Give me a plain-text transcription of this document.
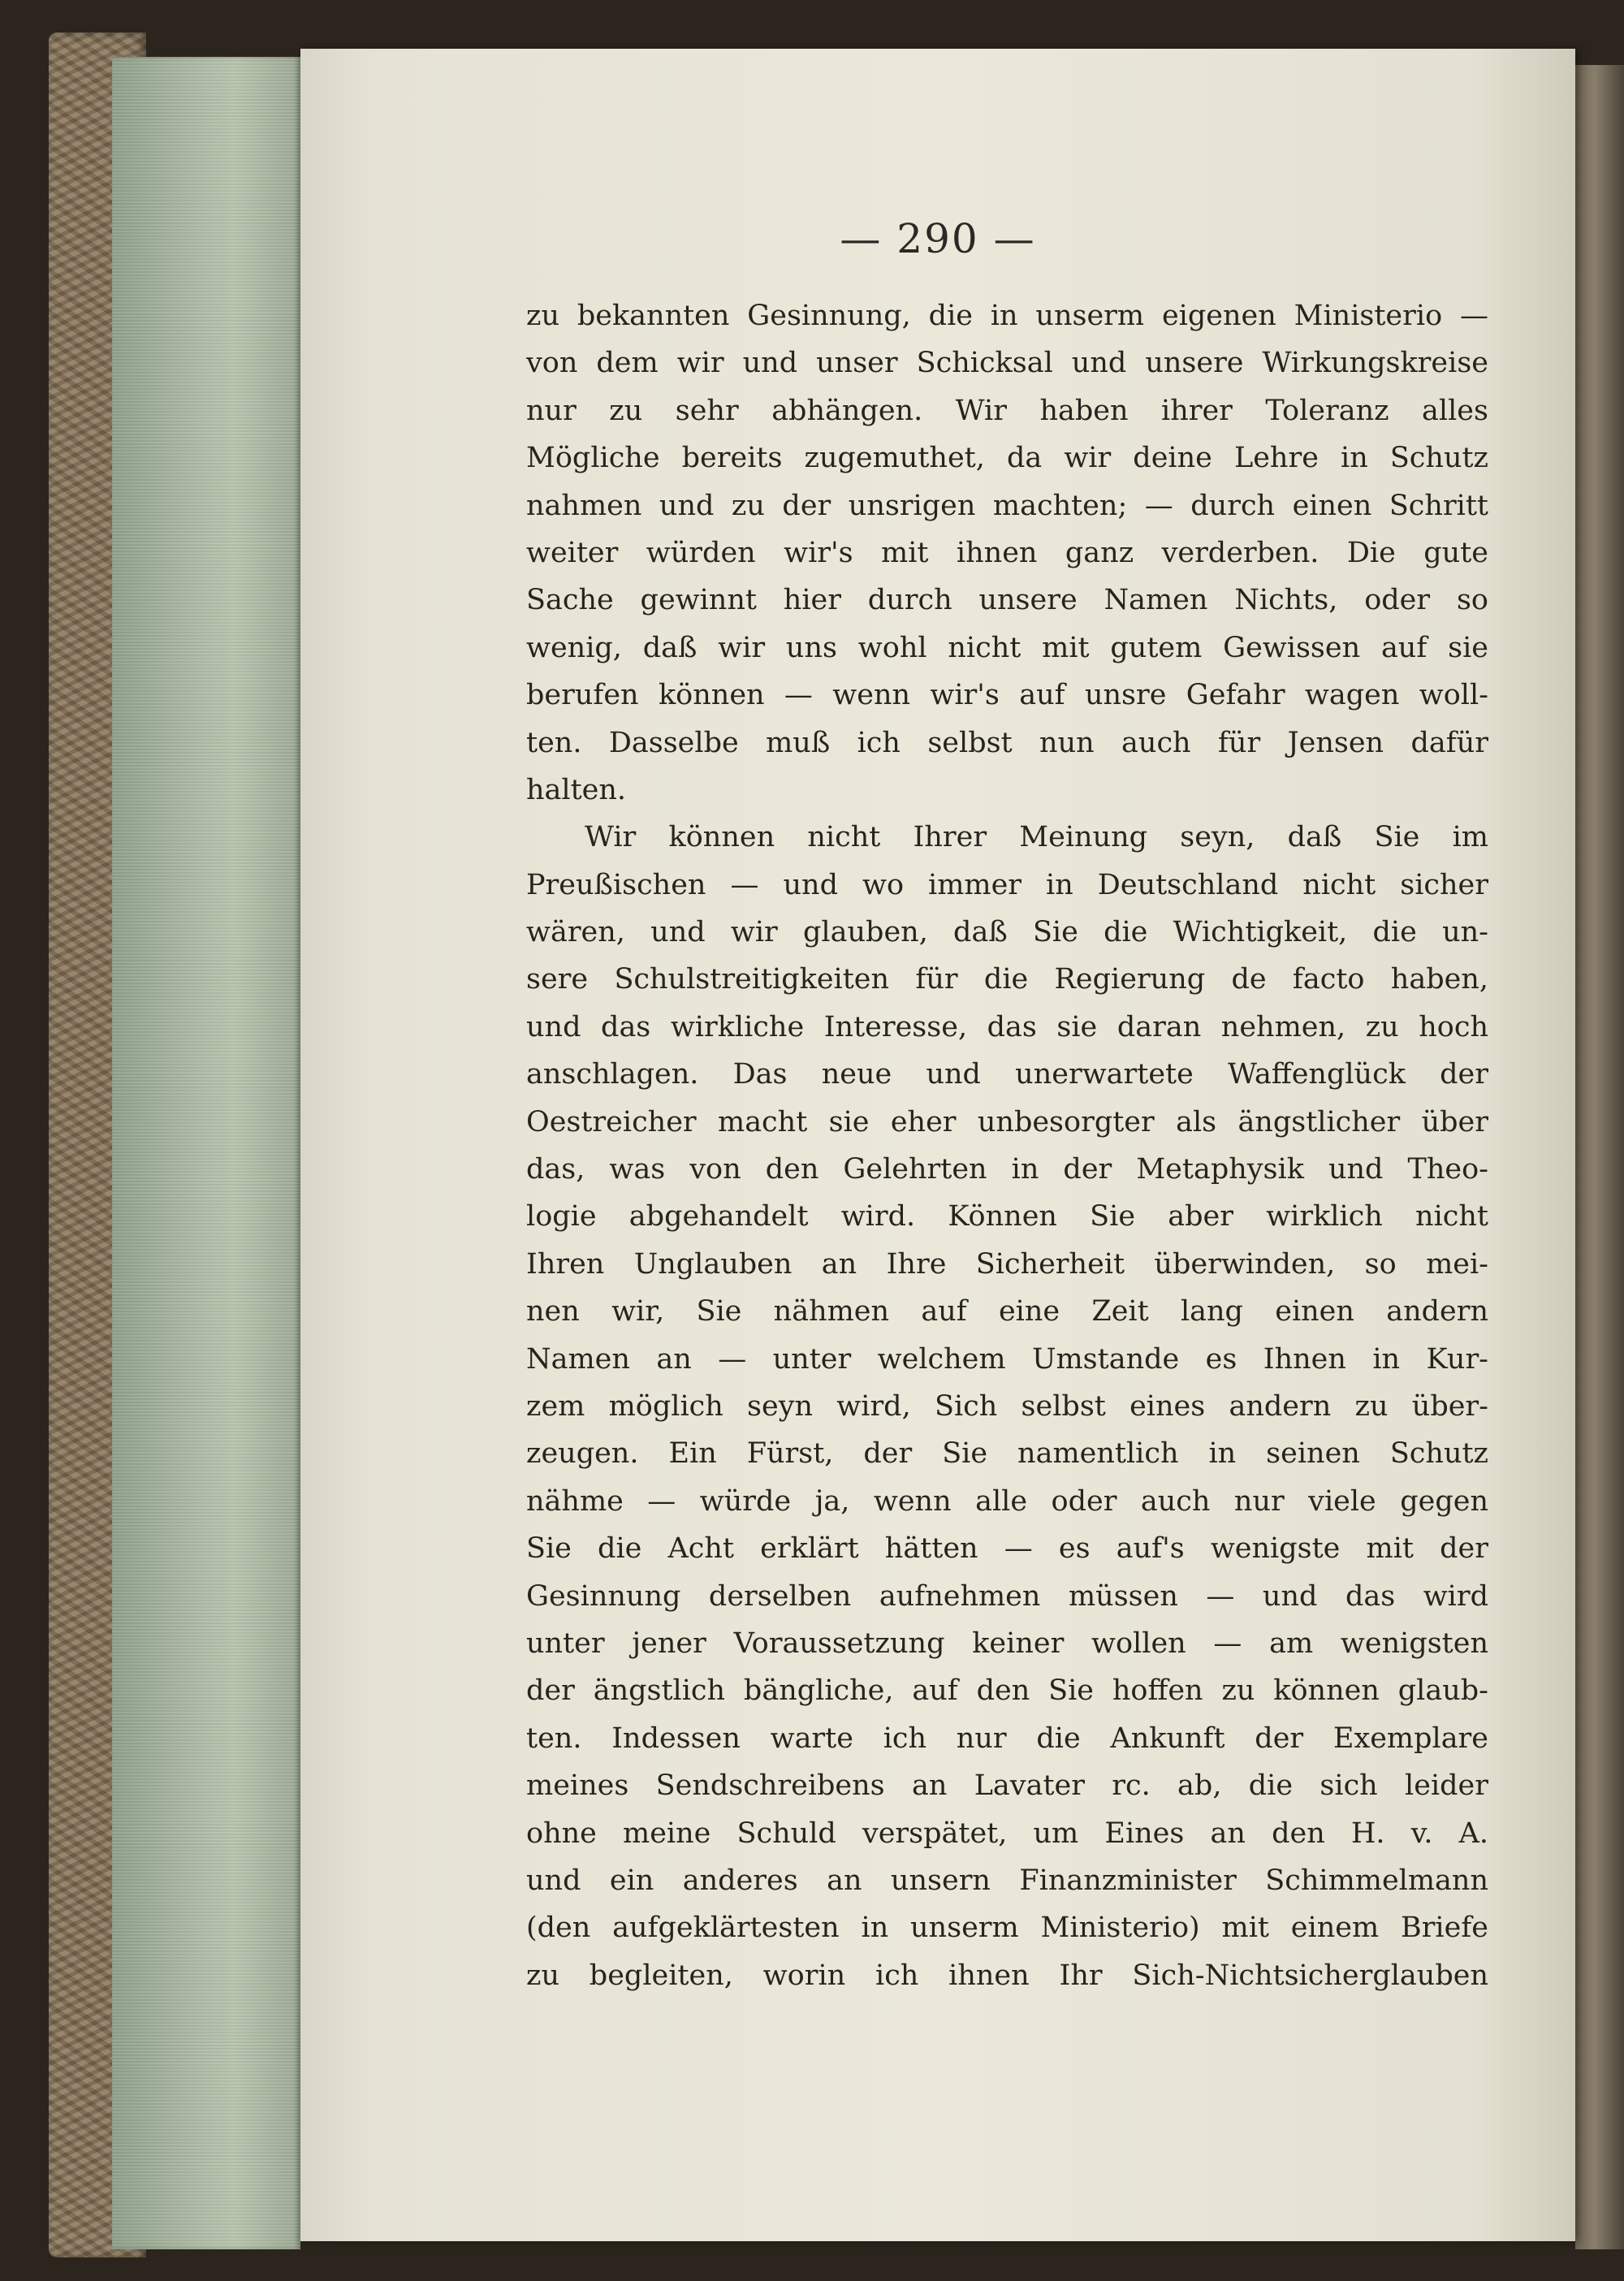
— 290 —
zu bekannten Gesinnung, die in unserm eigenen Ministerio —
von dem wir und unser Schicksal und unsere Wirkungskreise
nur zu sehr abhängen. Wir haben ihrer Toleranz alles
Mögliche bereits zugemuthet, da wir deine Lehre in Schutz
nahmen und zu der unsrigen machten; — durch einen Schritt
weiter würden wir's mit ihnen ganz verderben. Die gute
Sache gewinnt hier durch unsere Namen Nichts, oder so
wenig, daß wir uns wohl nicht mit gutem Gewissen auf sie
berufen können — wenn wir's auf unsre Gefahr wagen woll-
ten. Dasselbe muß ich selbst nun auch für Jensen dafür
halten.
Wir können nicht Ihrer Meinung seyn, daß Sie im
Preußischen — und wo immer in Deutschland nicht sicher
wären, und wir glauben, daß Sie die Wichtigkeit, die un-
sere Schulstreitigkeiten für die Regierung de facto haben,
und das wirkliche Interesse, das sie daran nehmen, zu hoch
anschlagen. Das neue und unerwartete Waffenglück der
Oestreicher macht sie eher unbesorgter als ängstlicher über
das, was von den Gelehrten in der Metaphysik und Theo-
logie abgehandelt wird. Können Sie aber wirklich nicht
Ihren Unglauben an Ihre Sicherheit überwinden, so mei-
nen wir, Sie nähmen auf eine Zeit lang einen andern
Namen an — unter welchem Umstande es Ihnen in Kur-
zem möglich seyn wird, Sich selbst eines andern zu über-
zeugen. Ein Fürst, der Sie namentlich in seinen Schutz
nähme — würde ja, wenn alle oder auch nur viele gegen
Sie die Acht erklärt hätten — es auf's wenigste mit der
Gesinnung derselben aufnehmen müssen — und das wird
unter jener Voraussetzung keiner wollen — am wenigsten
der ängstlich bängliche, auf den Sie hoffen zu können glaub-
ten. Indessen warte ich nur die Ankunft der Exemplare
meines Sendschreibens an Lavater rc. ab, die sich leider
ohne meine Schuld verspätet, um Eines an den H. v. A.
und ein anderes an unsern Finanzminister Schimmelmann
(den aufgeklärtesten in unserm Ministerio) mit einem Briefe
zu begleiten, worin ich ihnen Ihr Sich-Nichtsicherglauben
